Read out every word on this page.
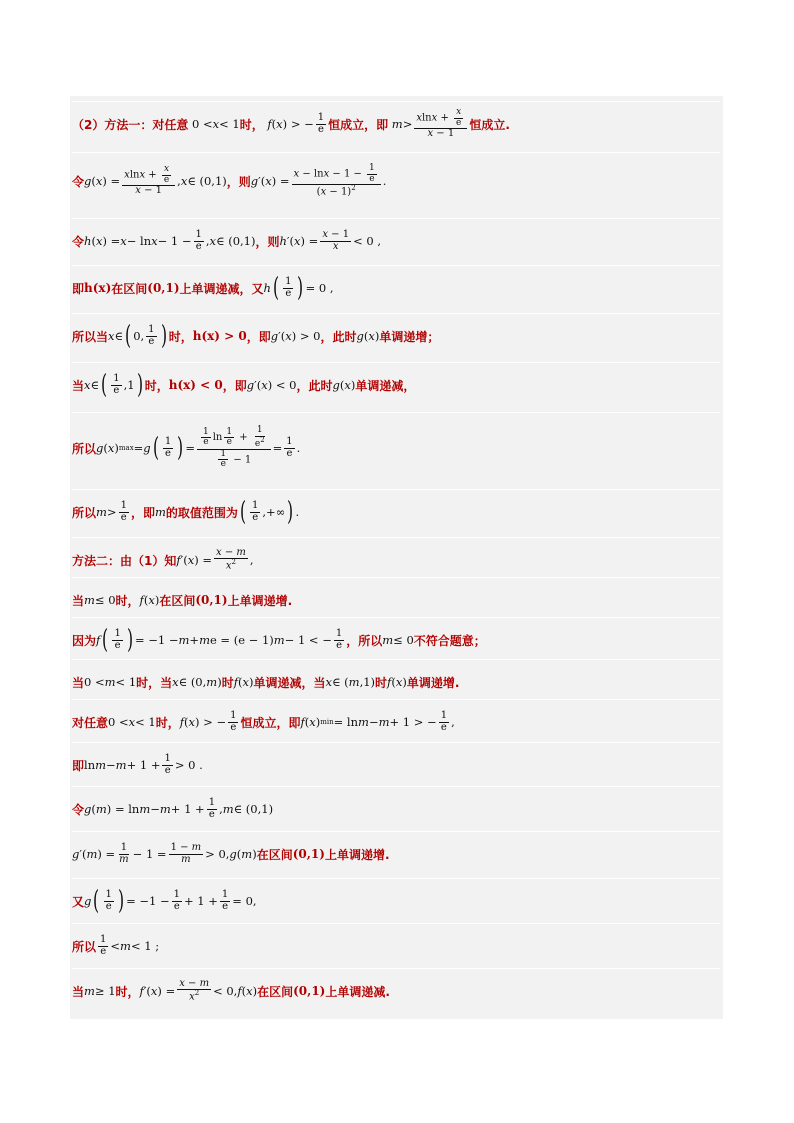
（2）方法一：对任意 0 < x < 1 时，
f ( x ) > − $\frac{1}{e}$ 恒成立，即
$m > \frac{xlnx + \frac{x}{e}}{x - 1}$ 恒成立.
令 g ( x ) = $\frac{xlnx + \frac{x}{e}}{x - 1}$ , x ∈ (0,1) ，则 g ′( x ) = $\frac{x - \ln x - 1 - \frac{1}{e}}{(x - 1)^2}$ .
令 h ( x ) = $x - \ln x - 1 - \frac{1}{e}$ , x ∈ (0,1) ，则 h ′( x ) = $\frac{x - 1}{x} < 0$ ,
即 h(x) 在区间 (0,1) 上单调递减，又 h ( $\frac{1}{e}$ ) = 0 ,
所以当 x ∈ ( 0, $\frac{1}{e}$ ) 时， h(x) > 0 ，即 g ′( x ) > 0 ，此时 g ( x ) 单调递增；
当 x ∈ ( $\frac{1}{e} ,1$ ) 时， h(x) < 0 ，即 g ′( x ) < 0 ，此时 g ( x ) 单调递减，
所以 g ( x ) max = g ( $\frac{1}{e}$ ) = $\frac{\frac{1}{e} \ln \frac{1}{e} + \frac{1}{e^2}}{\frac{1}{e} - 1} = \frac{1}{e}$ .
所以 $m > \frac{1}{e}$ ，即 m 的取值范围为 ( $\frac{1}{e}$ ,+∞ ) .
方法二：由（1）知 f ′( x ) = $\frac{x - m}{x^2}$ ,
当 m ≤ 0 时， f ( x ) 在区间 (0,1) 上单调递增.
因为 f ( $\frac{1}{e}$ ) = −1 − m + m e = (e − 1) m − 1 < − $\frac{1}{e}$ ，所以 m ≤ 0 不符合题意；
当 0 < m < 1 时，当 x ∈ (0, m ) 时 f ( x ) 单调递减，当 x ∈ ( m ,1) 时 f ( x ) 单调递增.
对任意 0 < x < 1 时， f ( x ) > − $\frac{1}{e}$ 恒成立，即 f ( x ) min = ln m − m + 1 > − $\frac{1}{e}$ ,
即 $\ln m - m + 1 + \frac{1}{e} > 0$ .
令 g ( m ) = $\ln m - m + 1 + \frac{1}{e}$ , m ∈ (0,1)
g ′( m ) = $\frac{1}{m} - 1 = \frac{1 - m}{m} > 0$, g ( m ) 在区间 (0,1) 上单调递增.
又 g ( $\frac{1}{e}$ ) = $-1 - \frac{1}{e} + 1 + \frac{1}{e} = 0$,
所以 $\frac{1}{e} < m < 1$ ;
当 m ≥ 1 时， f ′( x ) = $\frac{x - m}{x^2} < 0$, f ( x ) 在区间 (0,1) 上单调递减.
